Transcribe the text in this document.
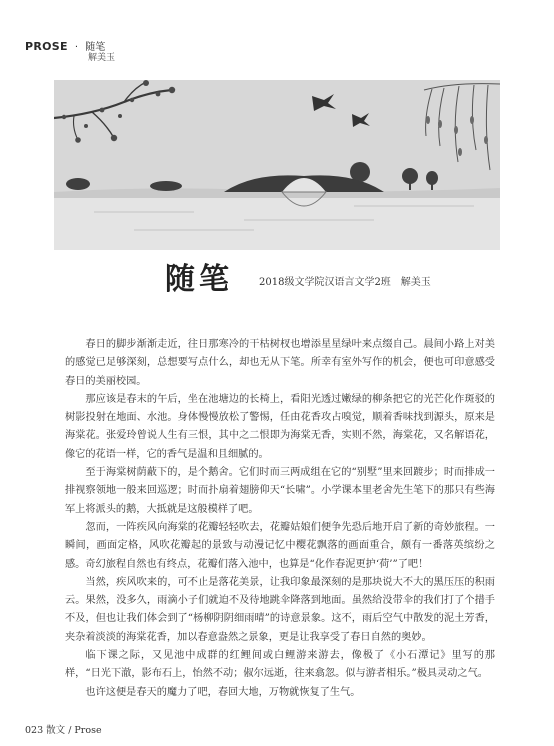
PROSE · 随笔
解美玉
随笔	2018级文学院汉语言文学2班　解美玉

春日的脚步渐渐走近，往日那寒冷的干枯树杈也增添星星绿叶来点缀自己。晨间小路上对美的感觉已足够深刻，总想要写点什么，却也无从下笔。所幸有室外写作的机会，便也可印意感受春日的美丽校园。

那应该是春末的午后，坐在池塘边的长椅上，看阳光透过嫩绿的柳条把它的光芒化作斑驳的树影投射在地面、水池。身体慢慢放松了警惕，任由花香攻占嗅觉，顺着香味找到源头，原来是海棠花。张爱玲曾说人生有三恨，其中之二恨即为海棠无香，实则不然，海棠花，又名解语花，像它的花语一样，它的香气是温和且细腻的。

至于海棠树荫蔽下的，是个鹅舍。它们时而三两成组在它的“别墅”里来回踱步；时而排成一排视察领地一般来回巡逻；时而扑扇着翅膀仰天“长啸”。小学课本里老舍先生笔下的那只有些海军上将派头的鹅，大抵就是这般模样了吧。

忽而，一阵疾风向海棠的花瓣轻轻吹去，花瓣姑娘们便争先恐后地开启了新的奇妙旅程。一瞬间，画面定格，风吹花瓣起的景致与动漫记忆中樱花飘落的画面重合，颇有一番落英缤纷之感。奇幻旅程自然也有终点，花瓣们落入池中，也算是“化作春泥更护‘荷’”了吧！

当然，疾风吹来的，可不止是落花美景，让我印象最深刻的是那块说大不大的黑压压的积雨云。果然，没多久，雨滴小子们就迫不及待地跳伞降落到地面。虽然给没带伞的我们打了个措手不及，但也让我们体会到了“杨柳阴阴细雨晴”的诗意景象。这不，雨后空气中散发的泥土芳香，夹杂着淡淡的海棠花香，加以春意盎然之景象，更是让我享受了春日自然的奥妙。

临下课之际，又见池中成群的红鲤间或白鲤游来游去，像极了《小石潭记》里写的那样，“日光下澈，影布石上，怡然不动；俶尔远逝，往来翕忽。似与游者相乐。”极具灵动之气。

也许这便是春天的魔力了吧，春回大地，万物就恢复了生气。

023 散文 / Prose
